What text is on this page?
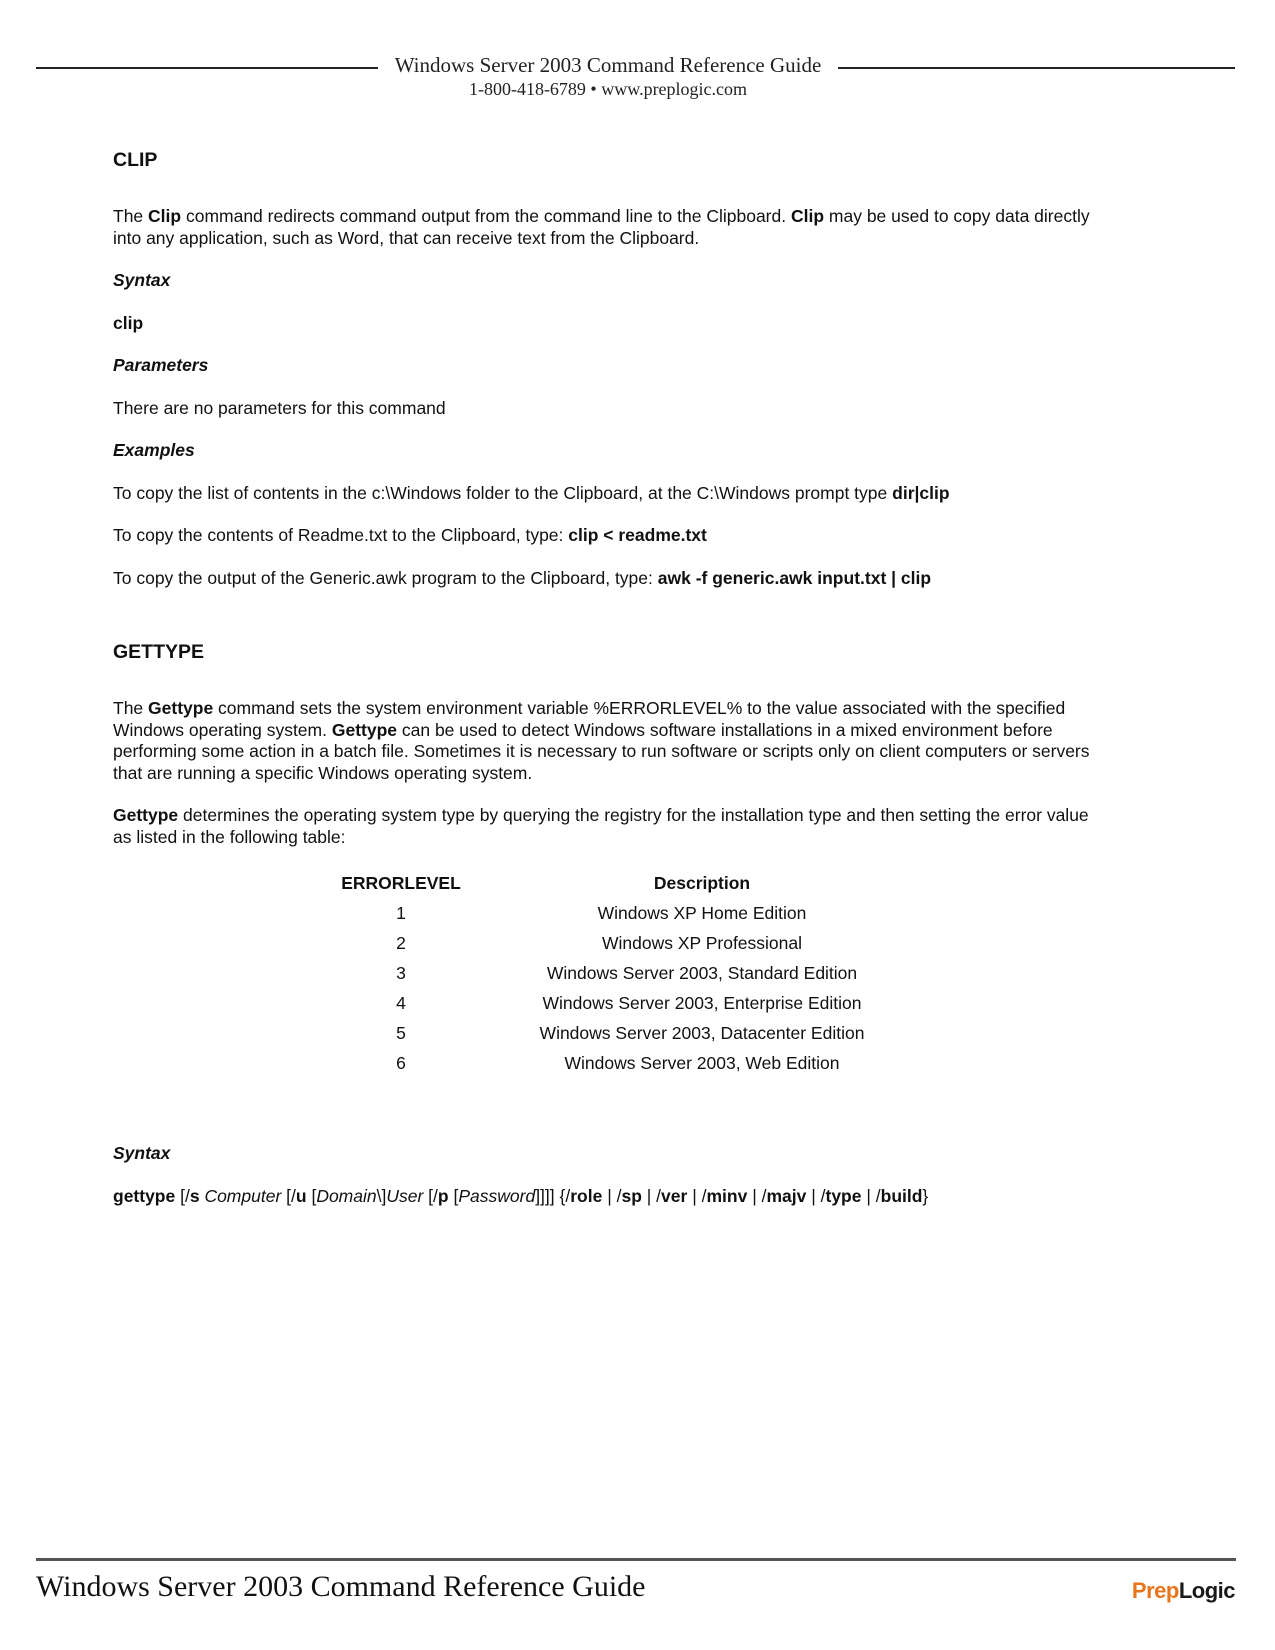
Windows Server 2003 Command Reference Guide
1-800-418-6789 • www.preplogic.com
CLIP

The Clip command redirects command output from the command line to the Clipboard. Clip may be used to copy data directly into any application, such as Word, that can receive text from the Clipboard.

Syntax

clip

Parameters

There are no parameters for this command

Examples

To copy the list of contents in the c:\Windows folder to the Clipboard, at the C:\Windows prompt type dir|clip

To copy the contents of Readme.txt to the Clipboard, type: clip < readme.txt

To copy the output of the Generic.awk program to the Clipboard, type: awk -f generic.awk input.txt | clip

GETTYPE

The Gettype command sets the system environment variable %ERRORLEVEL% to the value associated with the specified Windows operating system. Gettype can be used to detect Windows software installations in a mixed environment before performing some action in a batch file. Sometimes it is necessary to run software or scripts only on client computers or servers that are running a specific Windows operating system.

Gettype determines the operating system type by querying the registry for the installation type and then setting the error value as listed in the following table:

ERRORLEVEL	Description
1	Windows XP Home Edition
2	Windows XP Professional
3	Windows Server 2003, Standard Edition
4	Windows Server 2003, Enterprise Edition
5	Windows Server 2003, Datacenter Edition
6	Windows Server 2003, Web Edition

Syntax

gettype [/s Computer [/u [Domain\]User [/p [Password]]]] {/role | /sp | /ver | /minv | /majv | /type | /build}

Windows Server 2003 Command Reference Guide	PrepLogic
